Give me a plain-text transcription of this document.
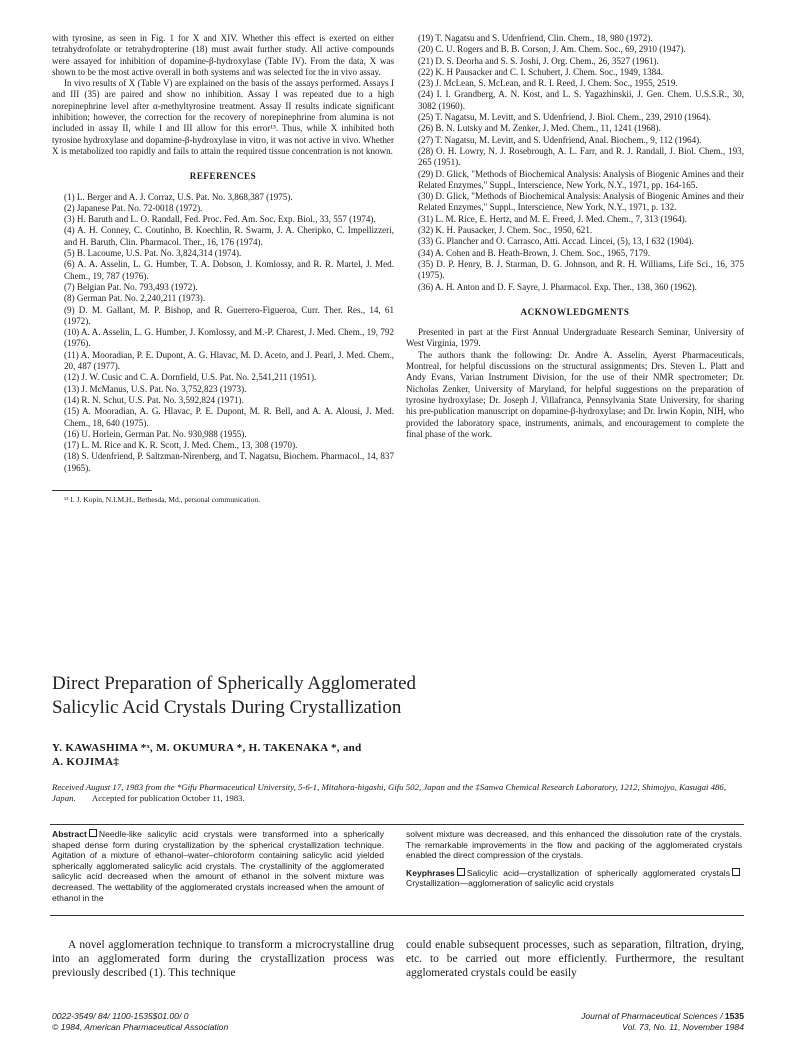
with tyrosine, as seen in Fig. 1 for X and XIV. Whether this effect is exerted on either tetrahydrofolate or tetrahydropterine (18) must await further study. All active compounds were assayed for inhibition of dopamine-β-hydroxylase (Table IV). From the data, X was shown to be the most active overall in both systems and was selected for the in vivo assay.

In vivo results of X (Table V) are explained on the basis of the assays performed. Assays I and III (35) are paired and show no inhibition. Assay I was repeated due to a high norepinephrine level after α-methyltyrosine treatment. Assay II results indicate significant inhibition; however, the correction for the recovery of norepinephrine from alumina is not included in assay II, while I and III allow for this error¹³. Thus, while X inhibited both tyrosine hydroxylase and dopamine-β-hydroxylase in vitro, it was not active in vivo. Whether X is metabolized too rapidly and fails to attain the required tissue concentration is not known.

REFERENCES

(1) L. Berger and A. J. Corraz, U.S. Pat. No. 3,868,387 (1975).

(2) Japanese Pat. No. 72-0018 (1972).

(3) H. Baruth and L. O. Randall, Fed. Proc. Fed. Am. Soc. Exp. Biol., 33, 557 (1974).

(4) A. H. Conney, C. Coutinho, B. Koechlin, R. Swarm, J. A. Cheripko, C. Impellizzeri, and H. Baruth, Clin. Pharmacol. Ther., 16, 176 (1974).

(5) B. Lacoume, U.S. Pat. No. 3,824,314 (1974).

(6) A. A. Asselin, L. G. Humber, T. A. Dobson, J. Komlossy, and R. R. Martel, J. Med. Chem., 19, 787 (1976).

(7) Belgian Pat. No. 793,493 (1972).

(8) German Pat. No. 2,240,211 (1973).

(9) D. M. Gallant, M. P. Bishop, and R. Guerrero-Figueroa, Curr. Ther. Res., 14, 61 (1972).

(10) A. A. Asselin, L. G. Humber, J. Komlossy, and M.-P. Charest, J. Med. Chem., 19, 792 (1976).

(11) A. Mooradian, P. E. Dupont, A. G. Hlavac, M. D. Aceto, and J. Pearl, J. Med. Chem., 20, 487 (1977).

(12) J. W. Cusic and C. A. Dornfield, U.S. Pat. No. 2,541,211 (1951).

(13) J. McManus, U.S. Pat. No. 3,752,823 (1973).

(14) R. N. Schut, U.S. Pat. No. 3,592,824 (1971).

(15) A. Mooradian, A. G. Hlavac, P. E. Dupont, M. R. Bell, and A. A. Alousi, J. Med. Chem., 18, 640 (1975).

(16) U. Horlein, German Pat. No. 930,988 (1955).

(17) L. M. Rice and K. R. Scott, J. Med. Chem., 13, 308 (1970).

(18) S. Udenfriend, P. Saltzman-Nirenberg, and T. Nagatsu, Biochem. Pharmacol., 14, 837 (1965).

¹³ I. J. Kopin, N.I.M.H., Bethesda, Md., personal communication.

(19) T. Nagatsu and S. Udenfriend, Clin. Chem., 18, 980 (1972).

(20) C. U. Rogers and B. B. Corson, J. Am. Chem. Soc., 69, 2910 (1947).

(21) D. S. Deorha and S. S. Joshi, J. Org. Chem., 26, 3527 (1961).

(22) K. H Pausacker and C. I. Schubert, J. Chem. Soc., 1949, 1384.

(23) J. McLean, S. McLean, and R. I. Reed, J. Chem. Soc., 1955, 2519.

(24) I. I. Grandberg, A. N. Kost, and L. S. Yagazhinskii, J. Gen. Chem. U.S.S.R., 30, 3082 (1960).

(25) T. Nagatsu, M. Levitt, and S. Udenfriend, J. Biol. Chem., 239, 2910 (1964).

(26) B. N. Lutsky and M. Zenker, J. Med. Chem., 11, 1241 (1968).

(27) T. Nagatsu, M. Levitt, and S. Udenfriend, Anal. Biochem., 9, 112 (1964).

(28) O. H. Lowry, N. J. Rosebrough, A. L. Farr, and R. J. Randall, J. Biol. Chem., 193, 265 (1951).

(29) D. Glick, "Methods of Biochemical Analysis: Analysis of Biogenic Amines and their Related Enzymes," Suppl., Interscience, New York, N.Y., 1971, pp. 164-165.

(30) D. Glick, "Methods of Biochemical Analysis: Analysis of Biogenic Amines and their Related Enzymes," Suppl., Interscience, New York, N.Y., 1971, p. 132.

(31) L. M. Rice, E. Hertz, and M. E. Freed, J. Med. Chem., 7, 313 (1964).

(32) K. H. Pausacker, J. Chem. Soc., 1950, 621.

(33) G. Plancher and O. Carrasco, Atti. Accad. Lincei, (5), 13, I 632 (1904).

(34) A. Cohen and B. Heath-Brown, J. Chem. Soc., 1965, 7179.

(35) D. P. Henry, B. J. Starman, D. G. Johnson, and R. H. Williams, Life Sci., 16, 375 (1975).

(36) A. H. Anton and D. F. Sayre, J. Pharmacol. Exp. Ther., 138, 360 (1962).

ACKNOWLEDGMENTS

Presented in part at the First Annual Undergraduate Research Seminar, University of West Virginia, 1979.

The authors thank the following: Dr. Andre A. Asselin, Ayerst Pharmaceuticals, Montreal, for helpful discussions on the structural assignments; Drs. Steven L. Platt and Andy Evans, Varian Instrument Division, for the use of their NMR spectrometer; Dr. Nicholas Zenker, University of Maryland, for helpful suggestions on the preparation of tyrosine hydroxylase; Dr. Joseph J. Villafranca, Pennsylvania State University, for sharing his pre-publication manuscript on dopamine-β-hydroxylase; and Dr. Irwin Kopin, NIH, who provided the laboratory space, instruments, animals, and encouragement to complete the final phase of the work.

Direct Preparation of Spherically Agglomerated
Salicylic Acid Crystals During Crystallization
Y. KAWASHIMA *ˣ, M. OKUMURA *, H. TAKENAKA *, and
A. KOJIMA‡
Received August 17, 1983 from the *Gifu Pharmaceutical University, 5-6-1, Mitahora-higashi, Gifu 502, Japan and the ‡Sanwa Chemical Research Laboratory, 1212, Shimojyo, Kasugai 486, Japan. Accepted for publication October 11, 1983.
Abstract Needle-like salicylic acid crystals were transformed into a spherically shaped dense form during crystallization by the spherical crystallization technique. Agitation of a mixture of ethanol–water–chloroform containing salicylic acid yielded spherically agglomerated salicylic acid crystals. The crystallinity of the agglomerated salicylic acid decreased when the amount of ethanol in the solvent mixture was decreased. The wettability of the agglomerated crystals increased when the amount of ethanol in the
solvent mixture was decreased, and this enhanced the dissolution rate of the crystals. The remarkable improvements in the flow and packing of the agglomerated crystals enabled the direct compression of the crystals.
Keyphrases Salicylic acid—crystallization of spherically agglomerated crystalsCrystallization—agglomeration of salicylic acid crystals
A novel agglomeration technique to transform a microcrystalline drug into an agglomerated form during the crystallization process was previously described (1). This technique
could enable subsequent processes, such as separation, filtration, drying, etc. to be carried out more efficiently. Furthermore, the resultant agglomerated crystals could be easily
0022-3549/ 84/ 1100-1535$01.00/ 0
© 1984, American Pharmaceutical Association
Journal of Pharmaceutical Sciences / 1535
Vol. 73, No. 11, November 1984
